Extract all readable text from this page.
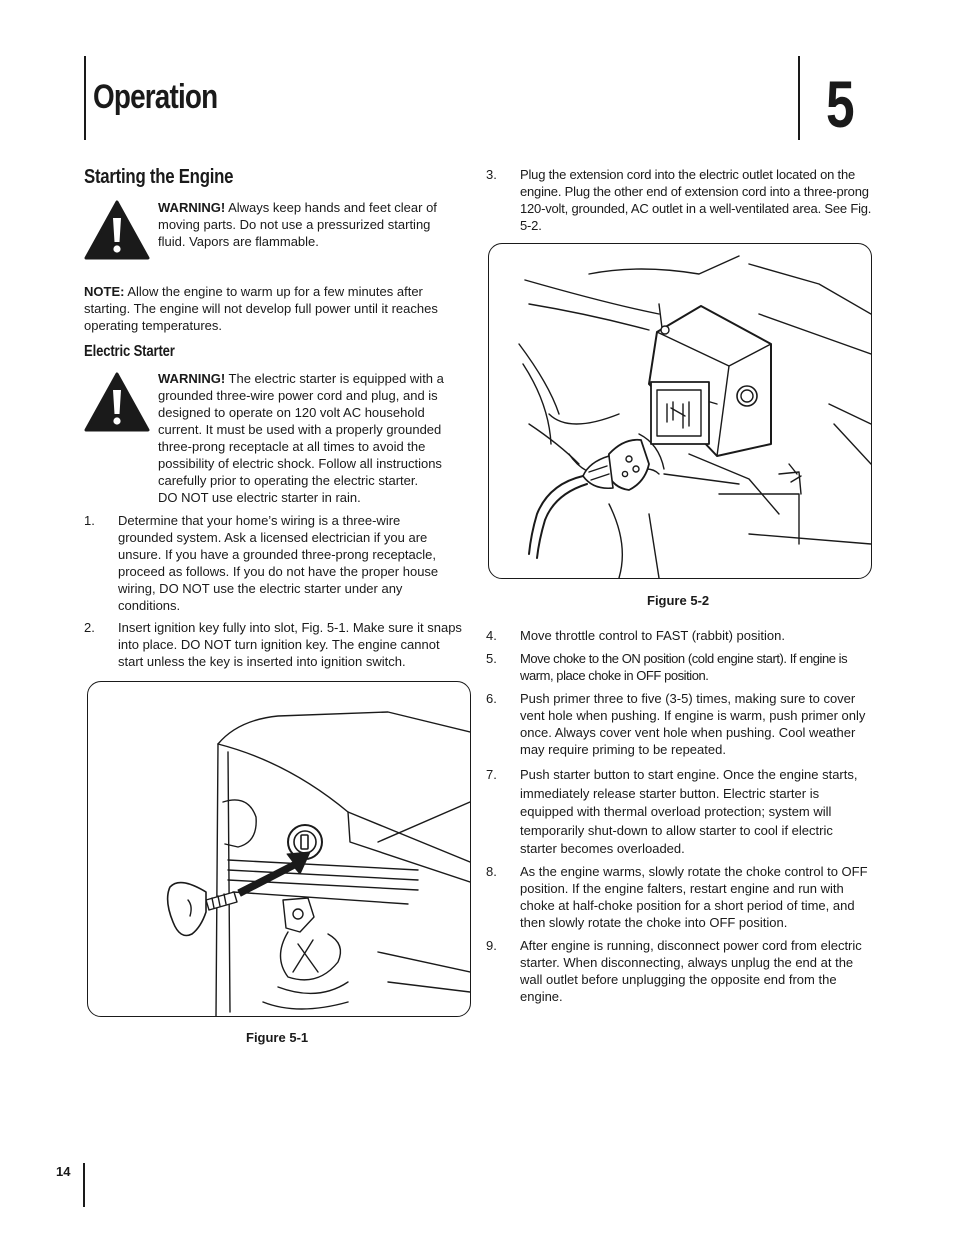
Operation	5
Starting the Engine
WARNING! Always keep hands and feet clear of moving parts. Do not use a pressurized starting fluid. Vapors are flammable.
NOTE: Allow the engine to warm up for a few minutes after starting. The engine will not develop full power until it reaches operating temperatures.
Electric Starter
WARNING! The electric starter is equipped with a grounded three-wire power cord and plug, and is designed to operate on 120 volt AC household current. It must be used with a properly grounded three-prong receptacle at all times to avoid the possibility of electric shock. Follow all instructions carefully prior to operating the electric starter.
DO NOT use electric starter in rain.
1. Determine that your home’s wiring is a three-wire grounded system. Ask a licensed electrician if you are unsure. If you have a grounded three-prong receptacle, proceed as follows. If you do not have the proper house wiring, DO NOT use the electric starter under any conditions.
2. Insert ignition key fully into slot, Fig. 5-1. Make sure it snaps into place. DO NOT turn ignition key. The engine cannot start unless the key is inserted into ignition switch.
Figure 5-1
3. Plug the extension cord into the electric outlet located on the engine. Plug the other end of extension cord into a three-prong 120-volt, grounded, AC outlet in a well-ventilated area. See Fig. 5-2.
Figure 5-2
4. Move throttle control to FAST (rabbit) position.
5. Move choke to the ON position (cold engine start). If engine is warm, place choke in OFF position.
6. Push primer three to five (3-5) times, making sure to cover vent hole when pushing. If engine is warm, push primer only once. Always cover vent hole when pushing. Cool weather may require priming to be repeated.
7. Push starter button to start engine. Once the engine starts, immediately release starter button. Electric starter is equipped with thermal overload protection; system will temporarily shut-down to allow starter to cool if electric starter becomes overloaded.
8. As the engine warms, slowly rotate the choke control to OFF position. If the engine falters, restart engine and run with choke at half-choke position for a short period of time, and then slowly rotate the choke into OFF position.
9. After engine is running, disconnect power cord from electric starter. When disconnecting, always unplug the end at the wall outlet before unplugging the opposite end from the engine.
14
